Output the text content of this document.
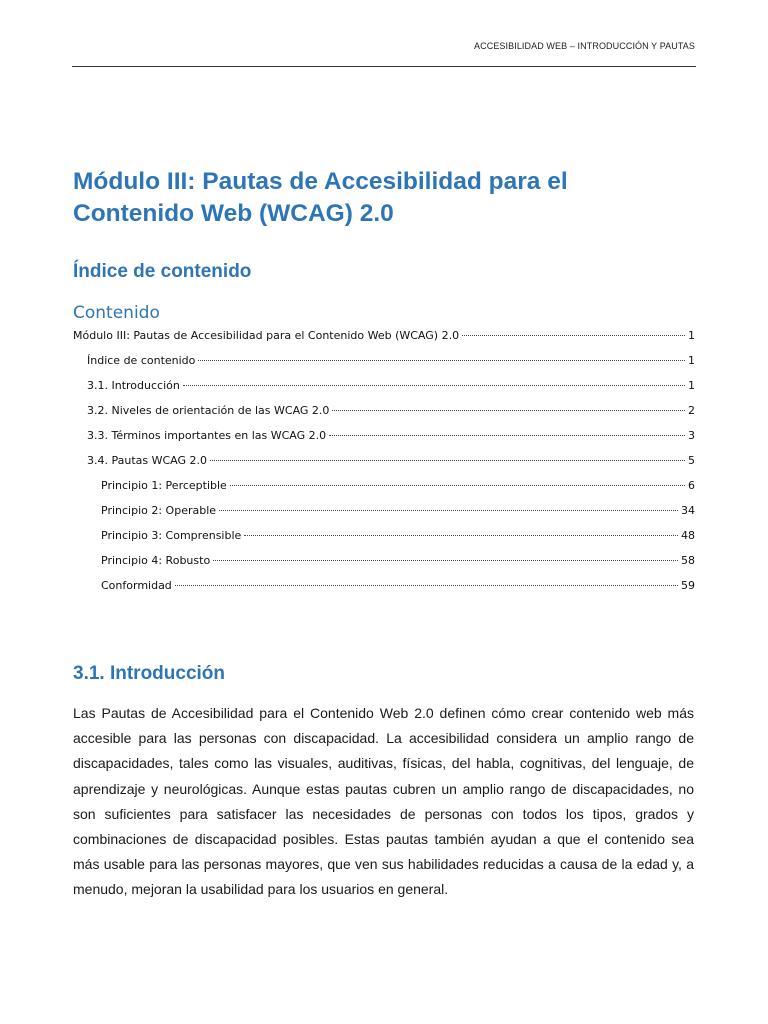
ACCESIBILIDAD WEB – INTRODUCCIÓN Y PAUTAS
Módulo III: Pautas de Accesibilidad para el Contenido Web (WCAG) 2.0
Índice de contenido
Contenido
Módulo III: Pautas de Accesibilidad para el Contenido Web (WCAG) 2.0	1
Índice de contenido	1
3.1. Introducción	1
3.2. Niveles de orientación de las WCAG 2.0	2
3.3. Términos importantes en las WCAG 2.0	3
3.4. Pautas WCAG 2.0	5
Principio 1: Perceptible	6
Principio 2: Operable	34
Principio 3: Comprensible	48
Principio 4: Robusto	58
Conformidad	59
3.1. Introducción

Las Pautas de Accesibilidad para el Contenido Web 2.0 definen cómo crear contenido web más accesible para las personas con discapacidad. La accesibilidad considera un amplio rango de discapacidades, tales como las visuales, auditivas, físicas, del habla, cognitivas, del lenguaje, de aprendizaje y neurológicas. Aunque estas pautas cubren un amplio rango de discapacidades, no son suficientes para satisfacer las necesidades de personas con todos los tipos, grados y combinaciones de discapacidad posibles. Estas pautas también ayudan a que el contenido sea más usable para las personas mayores, que ven sus habilidades reducidas a causa de la edad y, a menudo, mejoran la usabilidad para los usuarios en general.
